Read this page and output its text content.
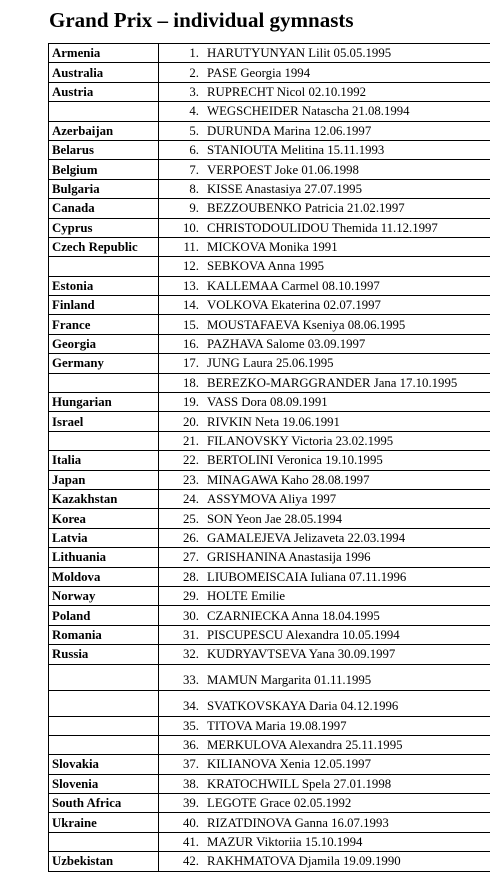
Grand Prix – individual gymnasts
Armenia	1. HARUTYUNYAN Lilit 05.05.1995
Australia	2. PASE Georgia 1994
Austria	3. RUPRECHT Nicol 02.10.1992
	4. WEGSCHEIDER Natascha 21.08.1994
Azerbaijan	5. DURUNDA Marina 12.06.1997
Belarus	6. STANIOUTA Melitina 15.11.1993
Belgium	7. VERPOEST Joke 01.06.1998
Bulgaria	8. KISSE Anastasiya 27.07.1995
Canada	9. BEZZOUBENKO Patricia 21.02.1997
Cyprus	10. CHRISTODOULIDOU Themida 11.12.1997
Czech Republic	11. MICKOVA Monika 1991
	12. SEBKOVA Anna 1995
Estonia	13. KALLEMAA Carmel 08.10.1997
Finland	14. VOLKOVA Ekaterina 02.07.1997
France	15. MOUSTAFAEVA Kseniya 08.06.1995
Georgia	16. PAZHAVA Salome 03.09.1997
Germany	17. JUNG Laura 25.06.1995
	18. BEREZKO-MARGGRANDER Jana 17.10.1995
Hungarian	19. VASS Dora 08.09.1991
Israel	20. RIVKIN Neta 19.06.1991
	21. FILANOVSKY Victoria 23.02.1995
Italia	22. BERTOLINI Veronica 19.10.1995
Japan	23. MINAGAWA Kaho 28.08.1997
Kazakhstan	24. ASSYMOVA Aliya 1997
Korea	25. SON Yeon Jae 28.05.1994
Latvia	26. GAMALEJEVA Jelizaveta 22.03.1994
Lithuania	27. GRISHANINA Anastasija 1996
Moldova	28. LIUBOMEISCAIA Iuliana 07.11.1996
Norway	29. HOLTE Emilie
Poland	30. CZARNIECKA Anna 18.04.1995
Romania	31. PISCUPESCU Alexandra 10.05.1994
Russia	32. KUDRYAVTSEVA Yana 30.09.1997
	33. MAMUN Margarita 01.11.1995
	34. SVATKOVSKAYA Daria 04.12.1996
	35. TITOVA Maria 19.08.1997
	36. MERKULOVA Alexandra 25.11.1995
Slovakia	37. KILIANOVA Xenia 12.05.1997
Slovenia	38. KRATOCHWILL Spela 27.01.1998
South Africa	39. LEGOTE Grace 02.05.1992
Ukraine	40. RIZATDINOVA Ganna 16.07.1993
	41. MAZUR Viktoriia 15.10.1994
Uzbekistan	42. RAKHMATOVA Djamila 19.09.1990
